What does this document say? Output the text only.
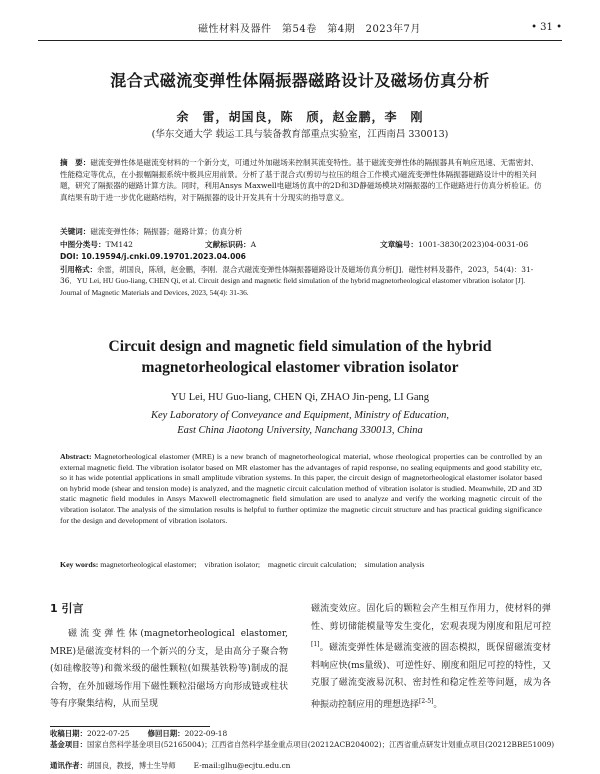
磁性材料及器件　第54卷　第4期　2023年7月	• 31 •
混合式磁流变弹性体隔振器磁路设计及磁场仿真分析
余　雷，胡国良，陈　颀，赵金鹏，李　刚
(华东交通大学 载运工具与装备教育部重点实验室，江西南昌 330013)
摘　要：磁流变弹性体是磁流变材料的一个新分支，可通过外加磁场来控制其流变特性。基于磁流变弹性体的隔振器具有响应迅速、无需密封、性能稳定等优点，在小振幅隔振系统中极具应用前景。分析了基于混合式(剪切与拉压的组合工作模式)磁流变弹性体隔振器磁路设计中的相关问题，研究了隔振器的磁路计算方法。同时，利用Ansys Maxwell电磁场仿真中的2D和3D静磁场模块对隔振器的工作磁路进行仿真分析验证。仿真结果有助于进一步优化磁路结构，对于隔振器的设计开发具有十分现实的指导意义。
关键词：磁流变弹性体；隔振器；磁路计算；仿真分析
中图分类号：TM142	文献标识码：A	文章编号：1001-3830(2023)04-0031-06
DOI: 10.19594/j.cnki.09.19701.2023.04.006
引用格式：余雷，胡国良，陈颀，赵金鹏，李刚．混合式磁流变弹性体隔振器磁路设计及磁场仿真分析[J]．磁性材料及器件，2023，54(4)：31-36．YU Lei, HU Guo-liang, CHEN Qi, et al. Circuit design and magnetic field simulation of the hybrid magnetorheological elastomer vibration isolator [J]. Journal of Magnetic Materials and Devices, 2023, 54(4): 31-36.
Circuit design and magnetic field simulation of the hybrid
magnetorheological elastomer vibration isolator
YU Lei, HU Guo-liang, CHEN Qi, ZHAO Jin-peng, LI Gang
Key Laboratory of Conveyance and Equipment, Ministry of Education,
East China Jiaotong University, Nanchang 330013, China
Abstract: Magnetorheological elastomer (MRE) is a new branch of magnetorheological material, whose rheological properties can be controlled by an external magnetic field. The vibration isolator based on MR elastomer has the advantages of rapid response, no sealing equipments and good stability etc, so it has wide potential applications in small amplitude vibration systems. In this paper, the circuit design of magnetorheological elastomer isolator based on hybrid mode (shear and tension mode) is analyzed, and the magnetic circuit calculation method of vibration isolator is studied. Meanwhile, 2D and 3D static magnetic field modules in Ansys Maxwell electromagnetic field simulation are used to analyze and verify the working magnetic circuit of the vibration isolator. The analysis of the simulation results is helpful to further optimize the magnetic circuit structure and has practical guiding significance for the design and development of vibration isolators.
Key words: magnetorheological elastomer;　vibration isolator;　magnetic circuit calculation;　simulation analysis
1 引言
磁流变弹性体(magnetorheological elastomer, MRE)是磁流变材料的一个新兴的分支，是由高分子聚合物(如硅橡胶等)和微米级的磁性颗粒(如羰基铁粉等)制成的混合物，在外加磁场作用下磁性颗粒沿磁场方向形成链或柱状等有序聚集结构，从而呈现
磁流变效应。固化后的颗粒会产生相互作用力，使材料的弹性、剪切储能模量等发生变化，宏观表现为刚度和阻尼可控[1]。磁流变弹性体是磁流变液的固态模拟，既保留磁流变材料响应快(ms量级)、可逆性好、刚度和阻尼可控的特性，又克服了磁流变液易沉积、密封性和稳定性差等问题，成为各种振动控制应用的理想选择[2-5]。
收稿日期：2022-07-25 修回日期：2022-09-18
基金项目：国家自然科学基金项目(52165004)；江西省自然科学基金重点项目(20212ACB204002)；江西省重点研发计划重点项目(20212BBE51009)
通讯作者：胡国良，教授，博士生导师 E-mail:glhu@ecjtu.edu.cn
